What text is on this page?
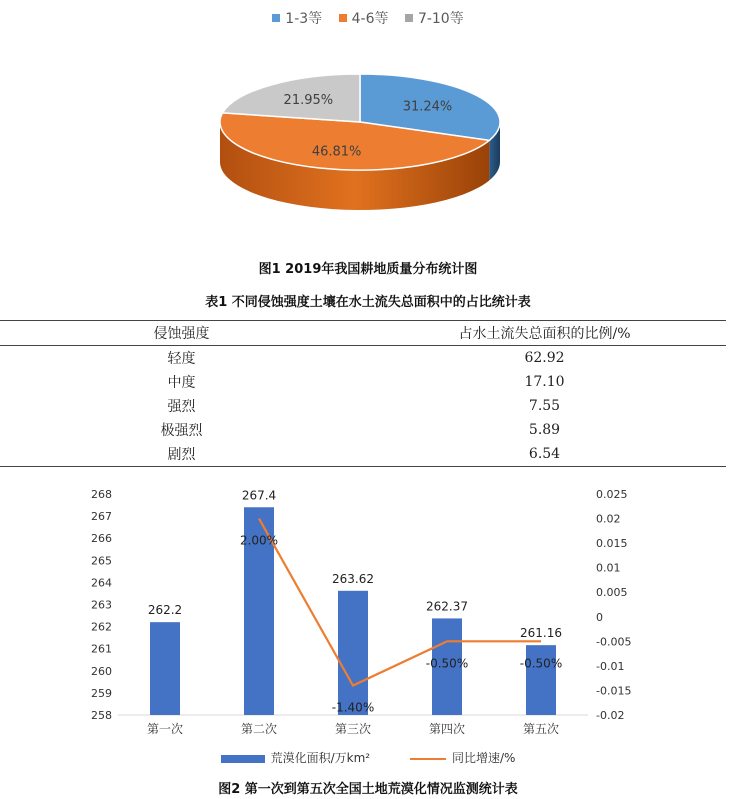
1-3等 4-6等 7-10等
31.24%
46.81%
21.95%
图1 2019年我国耕地质量分布统计图
表1 不同侵蚀强度土壤在水土流失总面积中的占比统计表
侵蚀强度	占水土流失总面积的比例/%
轻度	62.92
中度	17.10
强烈	7.55
极强烈	5.89
剧烈	6.54
258
259
260
261
262
263
264
265
266
267
268
-0.02
-0.015
-0.01
-0.005
0
0.005
0.01
0.015
0.02
0.025
262.2
267.4
263.62
262.37
261.16
2.00%
-1.40%
-0.50%	-0.50%
第一次	第二次	第三次	第四次	第五次
荒漠化面积/万km²	同比增速/%
图2 第一次到第五次全国土地荒漠化情况监测统计表
